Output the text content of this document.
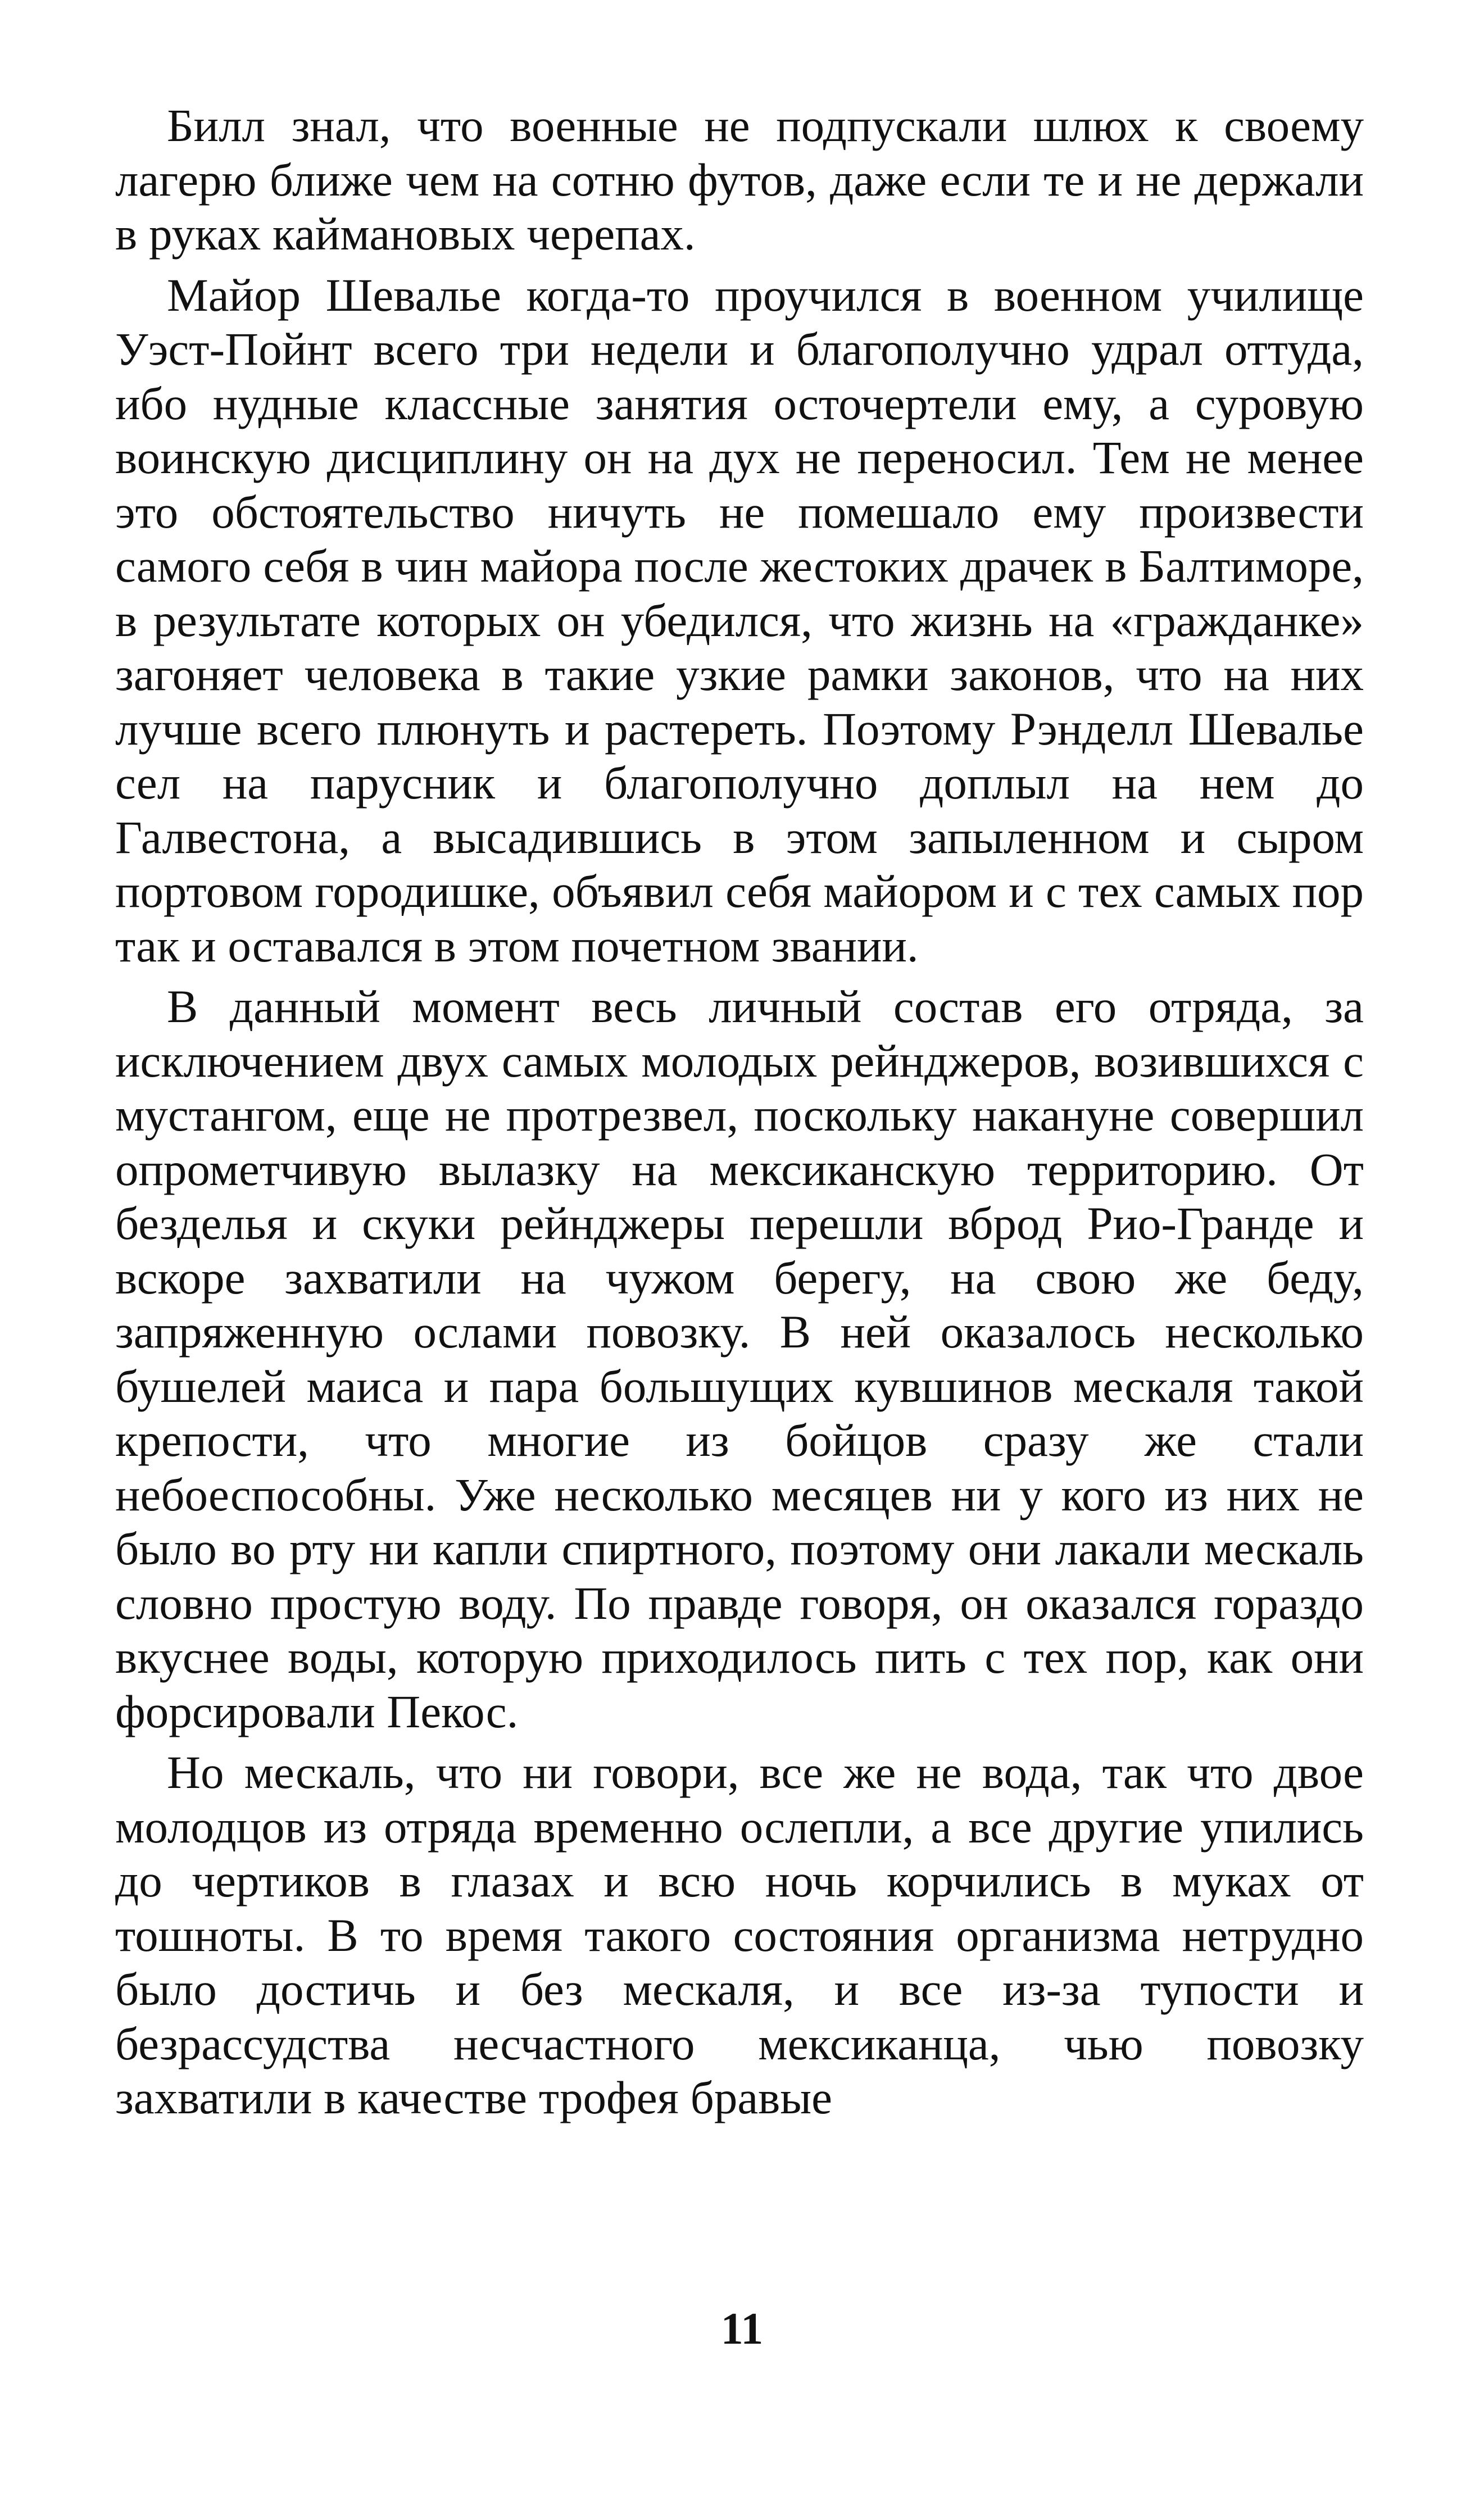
Билл знал, что военные не подпускали шлюх к своему лагерю ближе чем на сотню футов, даже если те и не держали в руках каймановых черепах.

Майор Шевалье когда-то проучился в военном училище Уэст-Пойнт всего три недели и благополучно удрал оттуда, ибо нудные классные занятия осточертели ему, а суровую воинскую дисциплину он на дух не переносил. Тем не менее это обстоятельство ничуть не помешало ему произвести самого себя в чин майора после жестоких драчек в Балтиморе, в результате которых он убедился, что жизнь на «гражданке» загоняет человека в такие узкие рамки законов, что на них лучше всего плюнуть и растереть. Поэтому Рэнделл Шевалье сел на парусник и благополучно доплыл на нем до Галвестона, а высадившись в этом запыленном и сыром портовом городишке, объявил себя майором и с тех самых пор так и оставался в этом почетном звании.

В данный момент весь личный состав его отряда, за исключением двух самых молодых рейнджеров, возившихся с мустангом, еще не протрезвел, поскольку накануне совершил опрометчивую вылазку на мексиканскую территорию. От безделья и скуки рейнджеры перешли вброд Рио-Гранде и вскоре захватили на чужом берегу, на свою же беду, запряженную ослами повозку. В ней оказалось несколько бушелей маиса и пара большущих кувшинов мескаля такой крепости, что многие из бойцов сразу же стали небоеспособны. Уже несколько месяцев ни у кого из них не было во рту ни капли спиртного, поэтому они лакали мескаль словно простую воду. По правде говоря, он оказался гораздо вкуснее воды, которую приходилось пить с тех пор, как они форсировали Пекос.

Но мескаль, что ни говори, все же не вода, так что двое молодцов из отряда временно ослепли, а все другие упились до чертиков в глазах и всю ночь корчились в муках от тошноты. В то время такого состояния организма нетрудно было достичь и без мескаля, и все из-за тупости и безрассудства несчастного мексиканца, чью повозку захватили в качестве трофея бравые

11
